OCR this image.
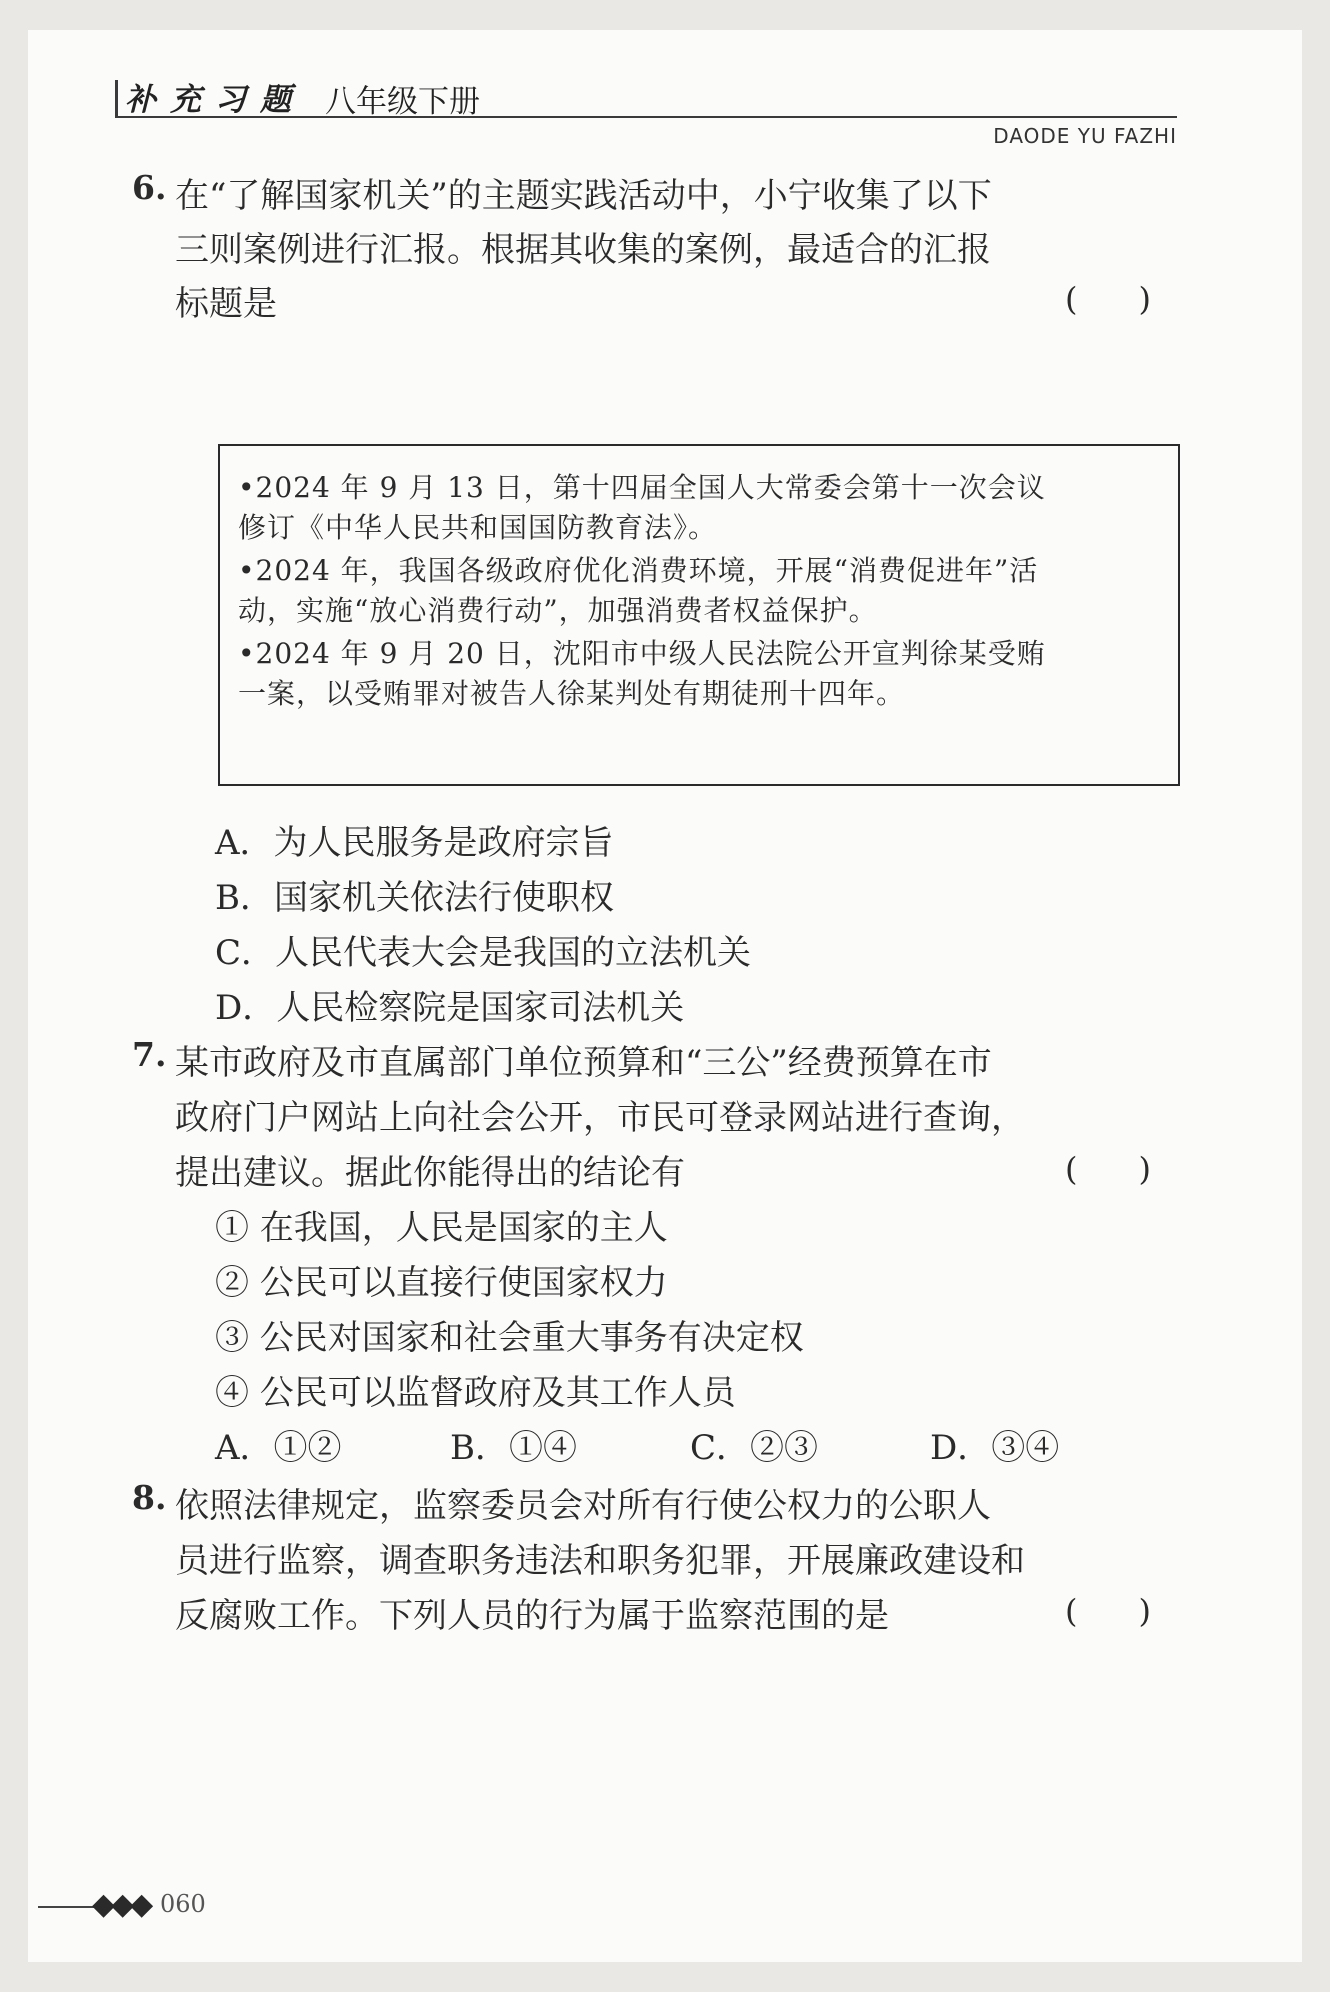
补充习题 八年级下册
DAODE YU FAZHI
6. 在“了解国家机关”的主题实践活动中，小宁收集了以下
三则案例进行汇报。根据其收集的案例，最适合的汇报
标题是	(      )
•2024 年 9 月 13 日，第十四届全国人大常委会第十一次会议
修订《中华人民共和国国防教育法》。
•2024 年，我国各级政府优化消费环境，开展“消费促进年”活
动，实施“放心消费行动”，加强消费者权益保护。
•2024 年 9 月 20 日，沈阳市中级人民法院公开宣判徐某受贿
一案，以受贿罪对被告人徐某判处有期徒刑十四年。
A．为人民服务是政府宗旨
B．国家机关依法行使职权
C．人民代表大会是我国的立法机关
D．人民检察院是国家司法机关
7. 某市政府及市直属部门单位预算和“三公”经费预算在市
政府门户网站上向社会公开，市民可登录网站进行查询，
提出建议。据此你能得出的结论有	(      )
① 在我国，人民是国家的主人
② 公民可以直接行使国家权力
③ 公民对国家和社会重大事务有决定权
④ 公民可以监督政府及其工作人员
A．①②	B．①④	C．②③	D．③④
8. 依照法律规定，监察委员会对所有行使公权力的公职人
员进行监察，调查职务违法和职务犯罪，开展廉政建设和
反腐败工作。下列人员的行为属于监察范围的是	(      )
◆◆◆ 060
